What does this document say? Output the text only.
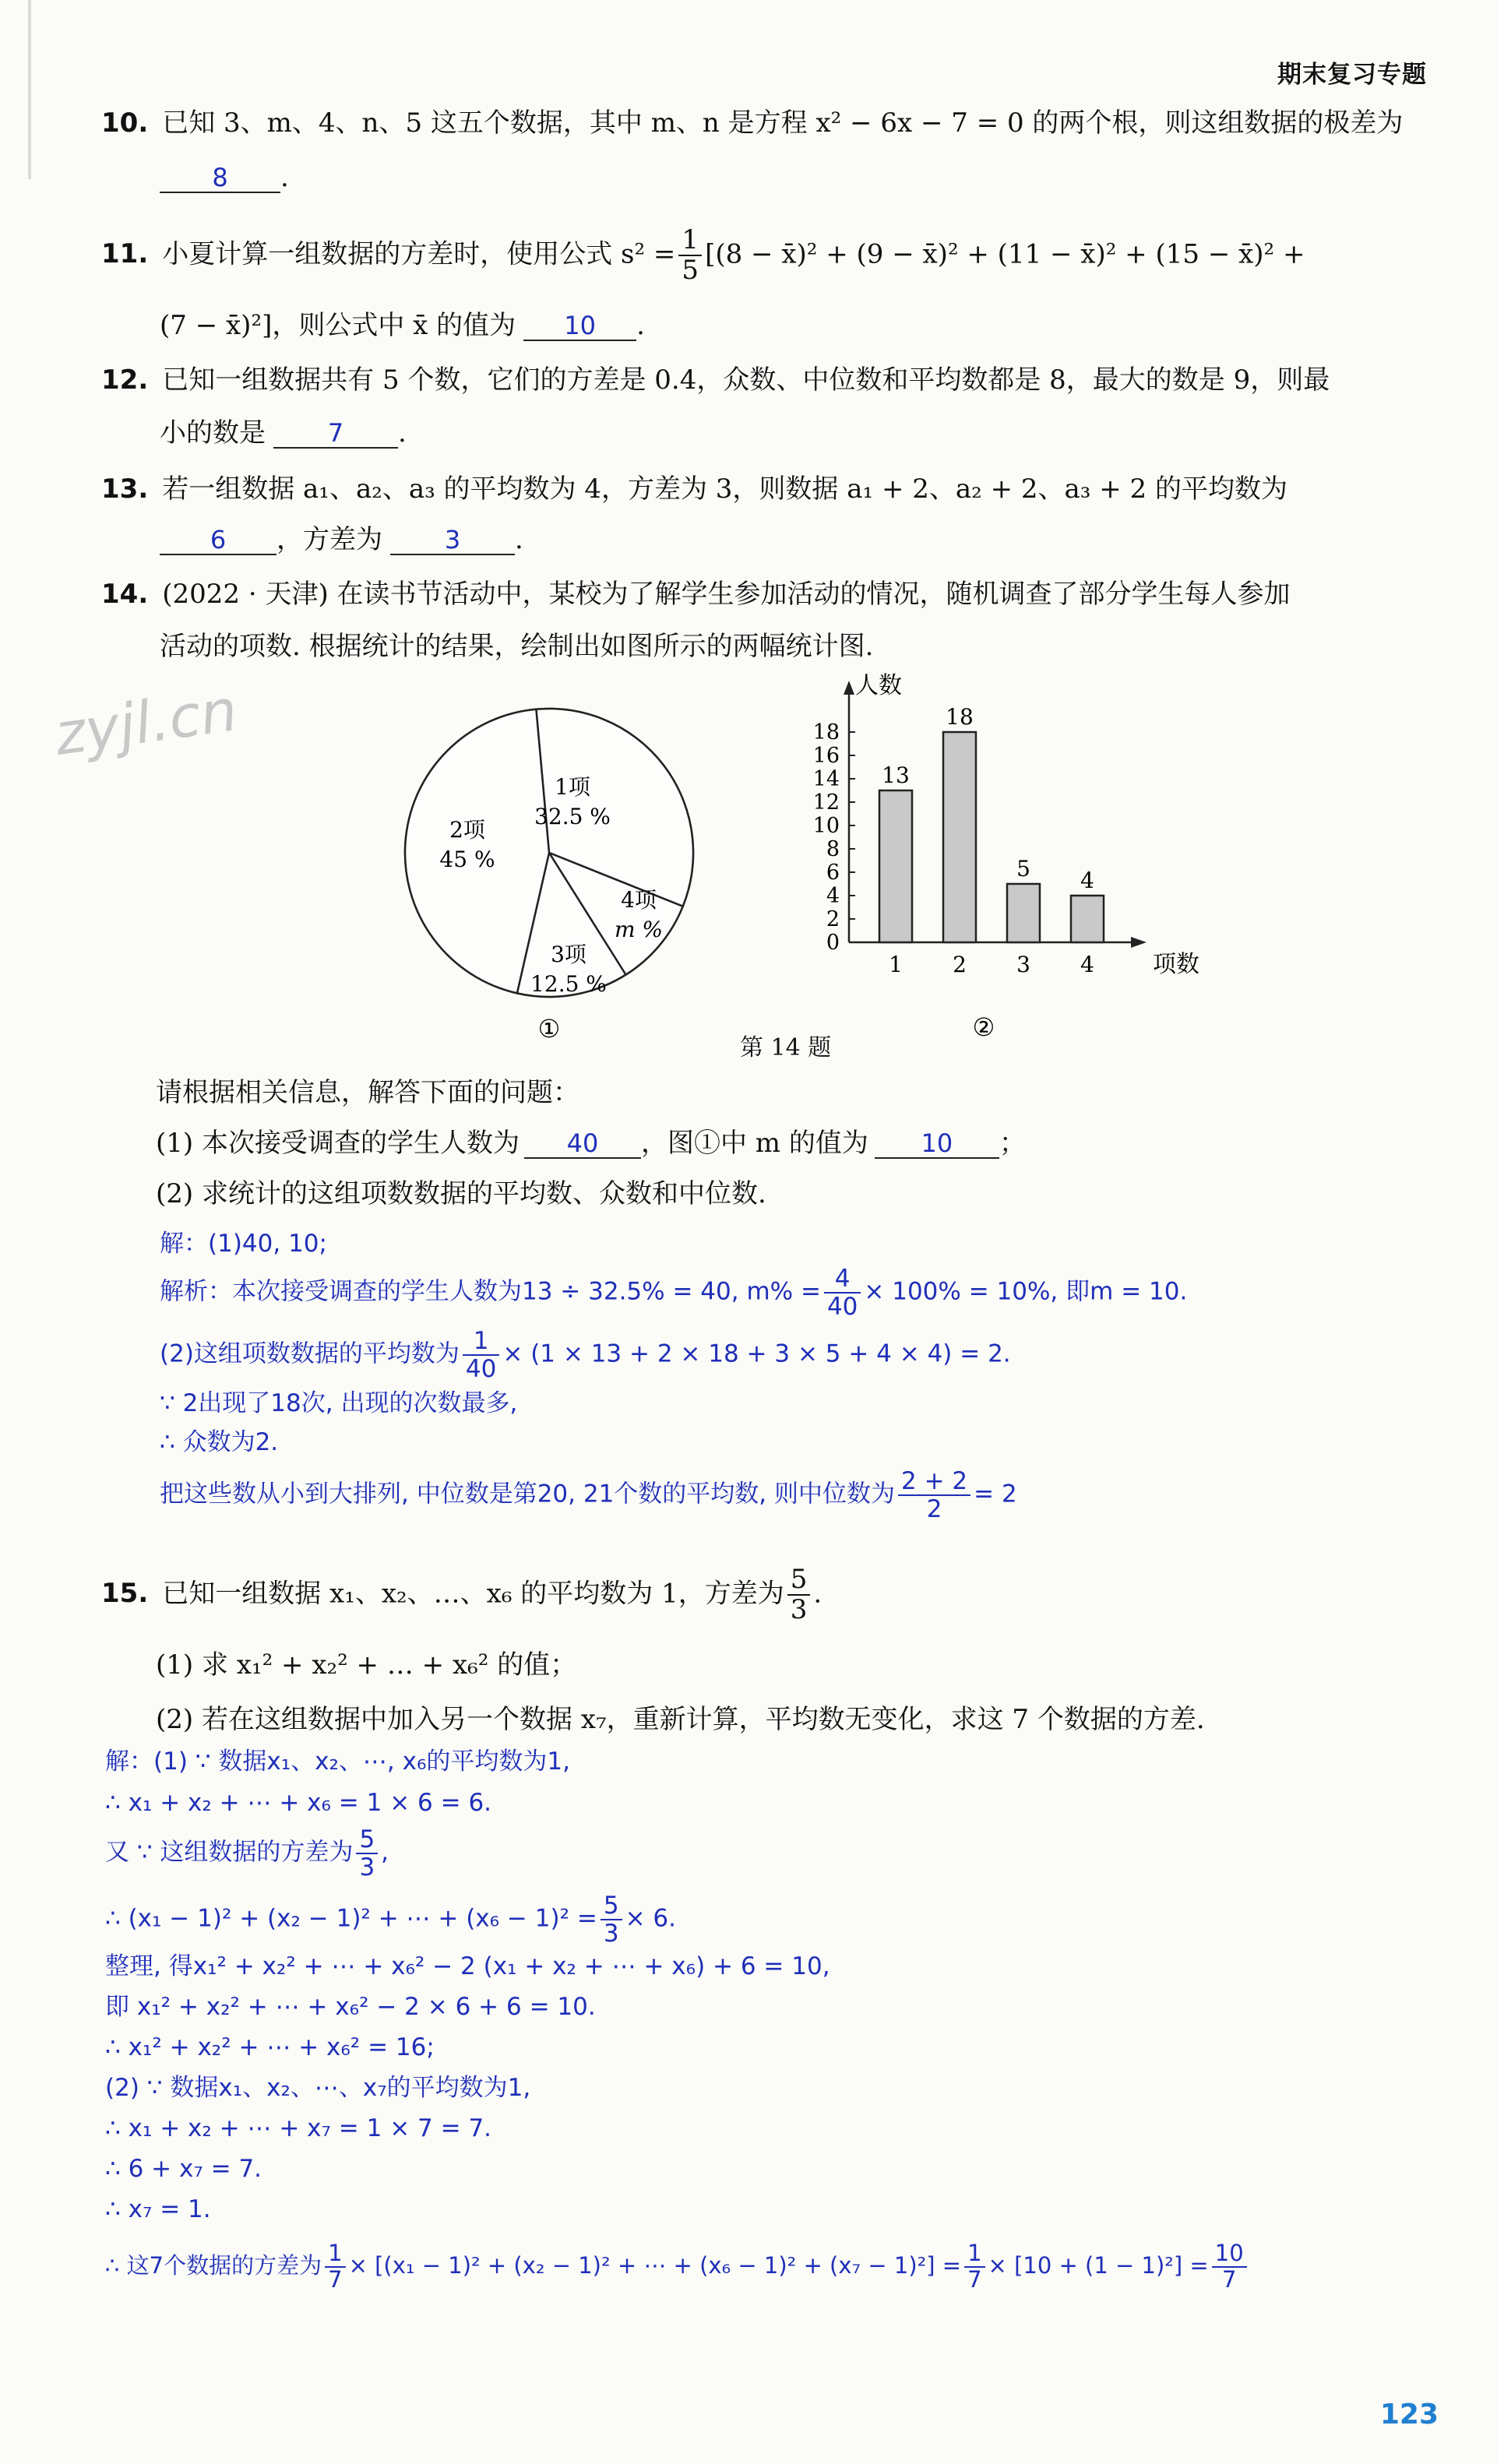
期末复习专题
10. 已知 3、m、4、n、5 这五个数据，其中 m、n 是方程 x² − 6x − 7 = 0 的两个根，则这组数据的极差为
8 .
11. 小夏计算一组数据的方差时，使用公式 $s^2 = \frac{1}{5} [(8$ − x̄)² + (9 − x̄)² + (11 − x̄)² + (15 − x̄)² +
(7 − x̄)²]，则公式中 x̄ 的值为 10 .
12. 已知一组数据共有 5 个数，它们的方差是 0.4，众数、中位数和平均数都是 8，最大的数是 9，则最
小的数是 7 .
13. 若一组数据 a₁、a₂、a₃ 的平均数为 4，方差为 3，则数据 a₁ + 2、a₂ + 2、a₃ + 2 的平均数为
6 ，方差为 3 .
14. (2022 · 天津) 在读书节活动中，某校为了解学生参加活动的情况，随机调查了部分学生每人参加
活动的项数. 根据统计的结果，绘制出如图所示的两幅统计图.
zyjl.cn
1项
32.5 %
2项
45 %
3项
12.5 %
4项
m %
①
人数
项数
0
2
4
6
8
10
12
14
16
18
13
1
18
2
5
3
4
4
②
第 14 题
请根据相关信息，解答下面的问题：
(1) 本次接受调查的学生人数为 40 ，图①中 m 的值为 10 ；
(2) 求统计的这组项数数据的平均数、众数和中位数.
解：(1)40, 10;
解析：本次接受调查的学生人数为13 ÷ 32.5% = 40, $m\% = \frac{4}{40} \times 100\% = 10\%$, 即m = 10.
(2)这组项数数据的平均数为 $\frac{1}{40} \times (1 \times 13 + 2 \times 18 + 3 \times 5 + 4 \times 4) = 2$.
∵ 2出现了18次, 出现的次数最多,
∴ 众数为2.
把这些数从小到大排列, 中位数是第20, 21个数的平均数, 则中位数为 $\frac{2 + 2}{2} = 2$
15. 已知一组数据 x₁、x₂、…、x₆ 的平均数为 1，方差为 $\frac{5}{3}$ .
(1) 求 x₁² + x₂² + … + x₆² 的值；
(2) 若在这组数据中加入另一个数据 x₇，重新计算，平均数无变化，求这 7 个数据的方差.
解：(1) ∵ 数据x₁、x₂、⋯, x₆的平均数为1,
∴ x₁ + x₂ + ⋯ + x₆ = 1 × 6 = 6.
又 ∵ 这组数据的方差为 $\frac{5}{3}$ ,
∴ (x₁ − 1)² + (x₂ − 1)² + ⋯ + $(x_6 - 1)^2 = \frac{5}{3} \times 6$.
整理, 得x₁² + x₂² + ⋯ + x₆² − 2 (x₁ + x₂ + ⋯ + x₆) + 6 = 10,
即 x₁² + x₂² + ⋯ + x₆² − 2 × 6 + 6 = 10.
∴ x₁² + x₂² + ⋯ + x₆² = 16;
(2) ∵ 数据x₁、x₂、⋯、x₇的平均数为1,
∴ x₁ + x₂ + ⋯ + x₇ = 1 × 7 = 7.
∴ 6 + x₇ = 7.
∴ x₇ = 1.
∴ 这7个数据的方差为 $\frac{1}{7} \times [(x_1 - 1)^2 + (x_2 - 1)^2$ + ⋯ + $(x_6 - 1)^2 + (x_7 - 1)^2] = \frac{1}{7} \times [10 + (1 - 1)^2] = \frac{10}{7}$
123
